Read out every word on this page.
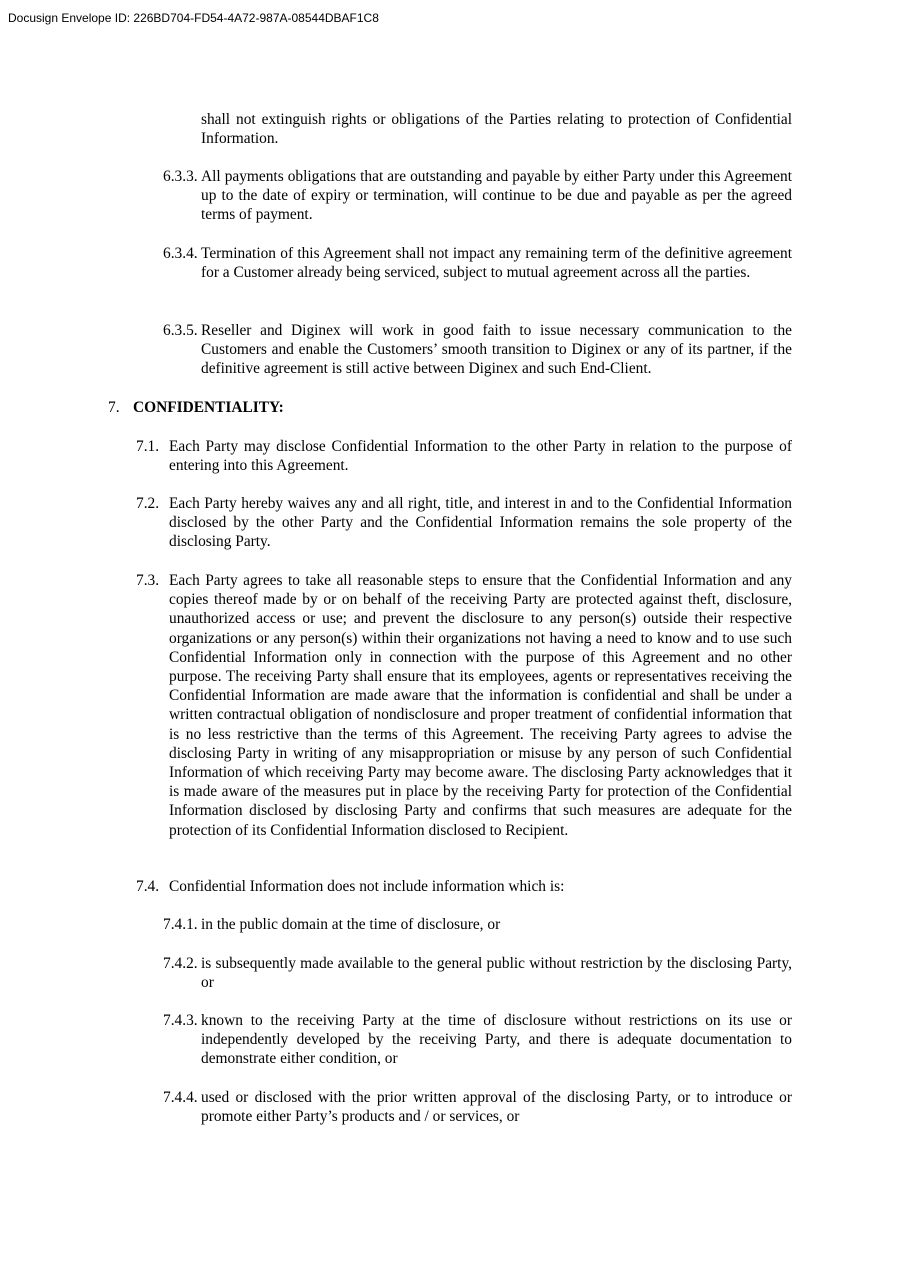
Docusign Envelope ID: 226BD704-FD54-4A72-987A-08544DBAF1C8
shall not extinguish rights or obligations of the Parties relating to protection of Confidential Information.
6.3.3. All payments obligations that are outstanding and payable by either Party under this Agreement up to the date of expiry or termination, will continue to be due and payable as per the agreed terms of payment.
6.3.4. Termination of this Agreement shall not impact any remaining term of the definitive agreement for a Customer already being serviced, subject to mutual agreement across all the parties.
6.3.5. Reseller and Diginex will work in good faith to issue necessary communication to the Customers and enable the Customers’ smooth transition to Diginex or any of its partner, if the definitive agreement is still active between Diginex and such End-Client.
7. CONFIDENTIALITY:
7.1. Each Party may disclose Confidential Information to the other Party in relation to the purpose of entering into this Agreement.
7.2. Each Party hereby waives any and all right, title, and interest in and to the Confidential Information disclosed by the other Party and the Confidential Information remains the sole property of the disclosing Party.
7.3. Each Party agrees to take all reasonable steps to ensure that the Confidential Information and any copies thereof made by or on behalf of the receiving Party are protected against theft, disclosure, unauthorized access or use; and prevent the disclosure to any person(s) outside their respective organizations or any person(s) within their organizations not having a need to know and to use such Confidential Information only in connection with the purpose of this Agreement and no other purpose. The receiving Party shall ensure that its employees, agents or representatives receiving the Confidential Information are made aware that the information is confidential and shall be under a written contractual obligation of nondisclosure and proper treatment of confidential information that is no less restrictive than the terms of this Agreement. The receiving Party agrees to advise the disclosing Party in writing of any misappropriation or misuse by any person of such Confidential Information of which receiving Party may become aware. The disclosing Party acknowledges that it is made aware of the measures put in place by the receiving Party for protection of the Confidential Information disclosed by disclosing Party and confirms that such measures are adequate for the protection of its Confidential Information disclosed to Recipient.
7.4. Confidential Information does not include information which is:
7.4.1. in the public domain at the time of disclosure, or
7.4.2. is subsequently made available to the general public without restriction by the disclosing Party, or
7.4.3. known to the receiving Party at the time of disclosure without restrictions on its use or independently developed by the receiving Party, and there is adequate documentation to demonstrate either condition, or
7.4.4. used or disclosed with the prior written approval of the disclosing Party, or to introduce or promote either Party’s products and / or services, or
